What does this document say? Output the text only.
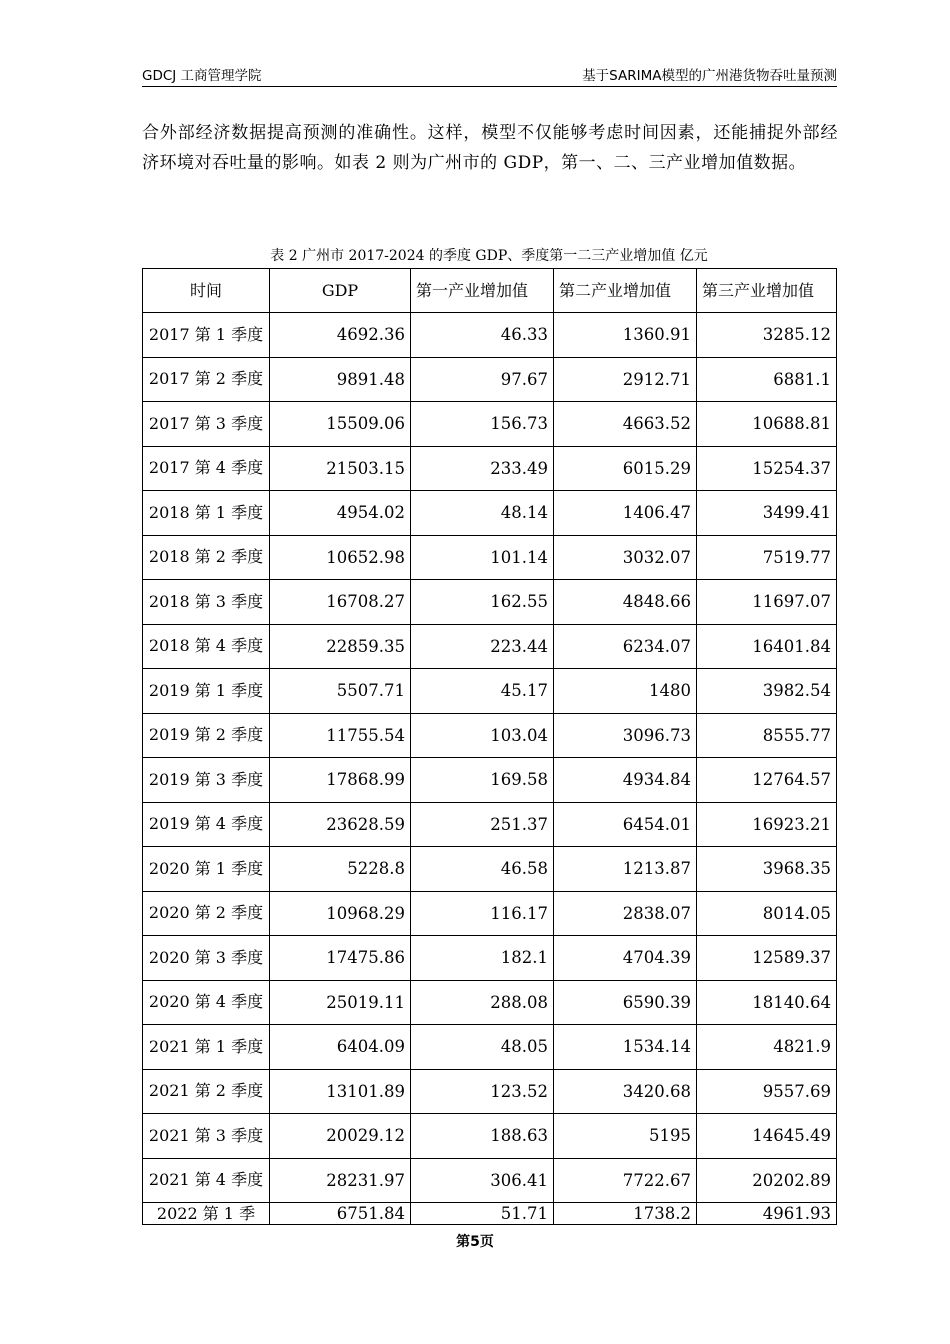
GDCJ 工商管理学院	基于SARIMA模型的广州港货物吞吐量预测

合外部经济数据提高预测的准确性。这样，模型不仅能够考虑时间因素，还能捕捉外部经济环境对吞吐量的影响。如表 2 则为广州市的 GDP，第一、二、三产业增加值数据。

表 2 广州市 2017-2024 的季度 GDP、季度第一二三产业增加值 亿元
时间	GDP	第一产业增加值	第二产业增加值	第三产业增加值
2017 第 1 季度	4692.36	46.33	1360.91	3285.12
2017 第 2 季度	9891.48	97.67	2912.71	6881.1
2017 第 3 季度	15509.06	156.73	4663.52	10688.81
2017 第 4 季度	21503.15	233.49	6015.29	15254.37
2018 第 1 季度	4954.02	48.14	1406.47	3499.41
2018 第 2 季度	10652.98	101.14	3032.07	7519.77
2018 第 3 季度	16708.27	162.55	4848.66	11697.07
2018 第 4 季度	22859.35	223.44	6234.07	16401.84
2019 第 1 季度	5507.71	45.17	1480	3982.54
2019 第 2 季度	11755.54	103.04	3096.73	8555.77
2019 第 3 季度	17868.99	169.58	4934.84	12764.57
2019 第 4 季度	23628.59	251.37	6454.01	16923.21
2020 第 1 季度	5228.8	46.58	1213.87	3968.35
2020 第 2 季度	10968.29	116.17	2838.07	8014.05
2020 第 3 季度	17475.86	182.1	4704.39	12589.37
2020 第 4 季度	25019.11	288.08	6590.39	18140.64
2021 第 1 季度	6404.09	48.05	1534.14	4821.9
2021 第 2 季度	13101.89	123.52	3420.68	9557.69
2021 第 3 季度	20029.12	188.63	5195	14645.49
2021 第 4 季度	28231.97	306.41	7722.67	20202.89
2022 第 1 季	6751.84	51.71	1738.2	4961.93
第5页
